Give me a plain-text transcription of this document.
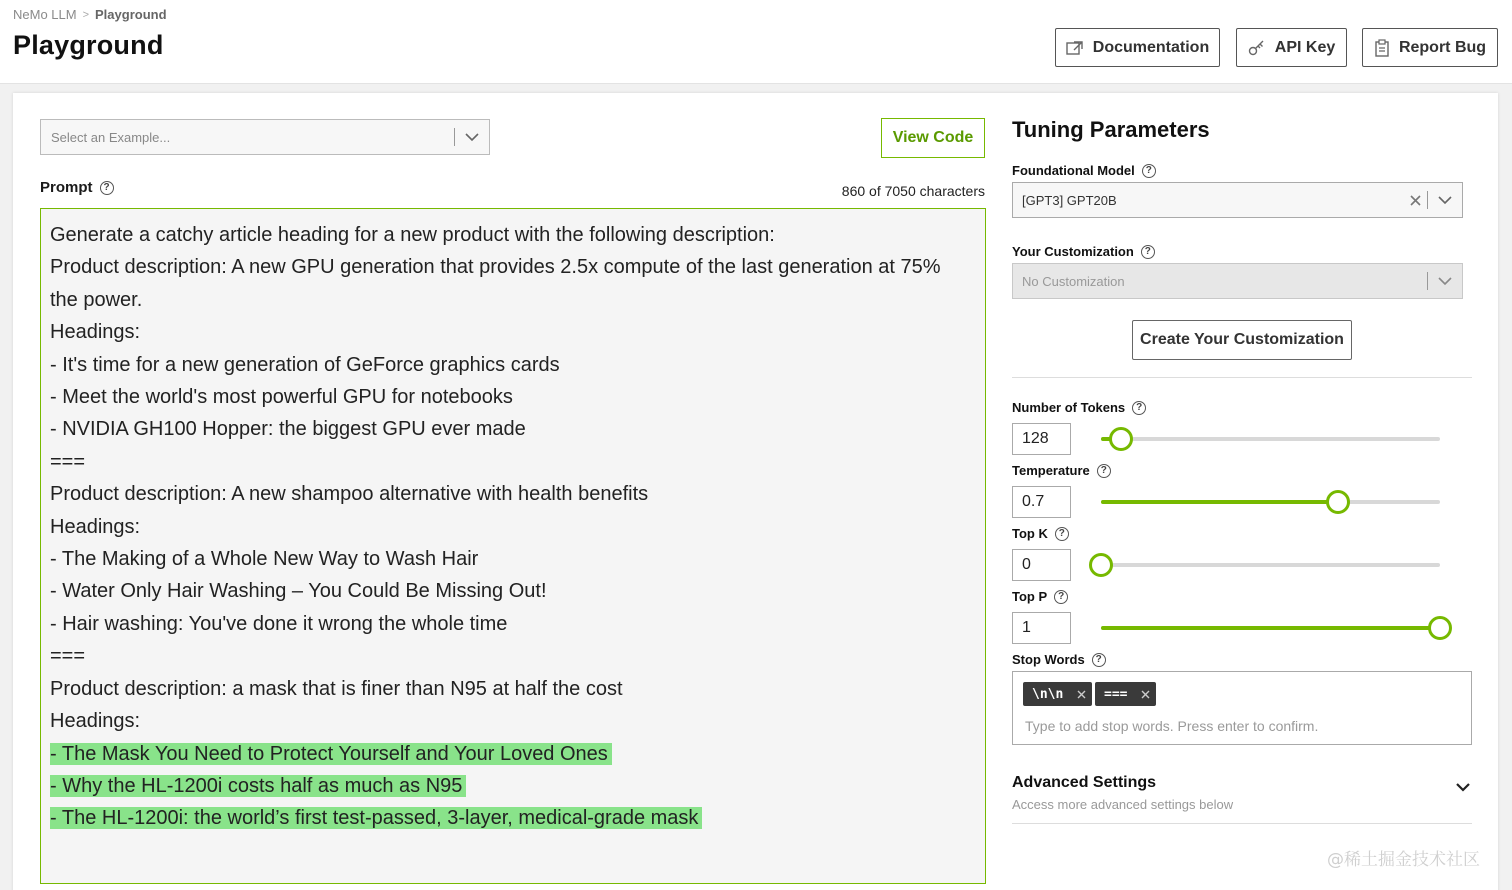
NeMo LLM > Playground
Playground	Documentation	API Key	Report Bug
Select an Example...	View Code
Prompt	?	860 of 7050 characters
Generate a catchy article heading for a new product with the following description:
Product description: A new GPU generation that provides 2.5x compute of the last generation at 75%
the power.
Headings:
- It's time for a new generation of GeForce graphics cards
- Meet the world's most powerful GPU for notebooks
- NVIDIA GH100 Hopper: the biggest GPU ever made
===
Product description: A new shampoo alternative with health benefits
Headings:
- The Making of a Whole New Way to Wash Hair
- Water Only Hair Washing – You Could Be Missing Out!
- Hair washing: You've done it wrong the whole time
===
Product description: a mask that is finer than N95 at half the cost
Headings:
- The Mask You Need to Protect Yourself and Your Loved Ones
- Why the HL-1200i costs half as much as N95
- The HL-1200i: the world’s first test-passed, 3-layer, medical-grade mask
Tuning Parameters
Foundational Model	?
[GPT3] GPT20B
Your Customization	?
No Customization
Create Your Customization
Number of Tokens	?
128
Temperature	?
0.7
Top K	?
0
Top P	?
1
Stop Words	?
\n\n	===
Type to add stop words. Press enter to confirm.
Advanced Settings
Access more advanced settings below
@稀土掘金技术社区
